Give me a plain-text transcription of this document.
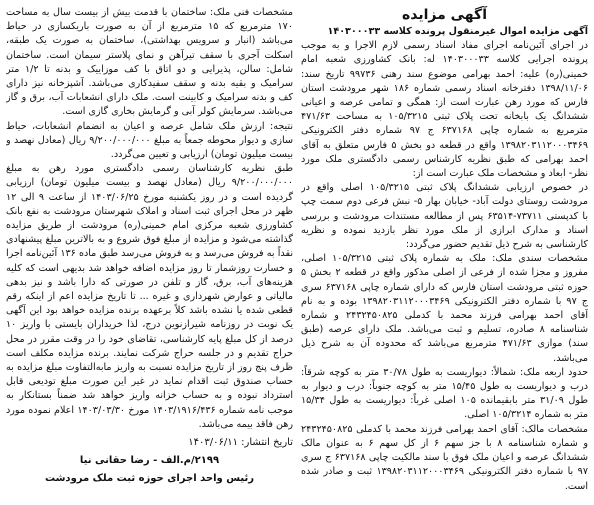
آگهی مزایده

آگهی مزایده اموال غیرمنقول پرونده کلاسه ۱۴۰۳۰۰۰۳۳

در اجرای آئین‌نامه اجرای مفاد اسناد رسمی لازم الاجرا و به موجب پرونده اجرایی کلاسه ۱۴۰۳۰۰۰۳۳ له: بانک کشاورزی شعبه امام خمینی(ره) علیه: احمد بهرامی موضوع سند رهنی ۹۹۷۳۶ تاریخ سند: ۱۳۹۸/۱۱/۰۶ دفترخانه اسناد رسمی شماره ۱۸۶ شهر مرودشت استان فارس که مورد رهن عبارت است از: همگی و تمامی عرصه و اعیانی ششدانگ یک بابخانه تحت پلاک ثبتی ۱۰۵/۳۲۱۵ به مساحت ۴۷۱/۶۳ مترمربع به شماره چاپی ۶۳۷۱۶۸ ج ۹۷ شماره دفتر الکترونیکی ۱۳۹۸۲۰۳۱۱۲۰۰۰۳۴۶۹ واقع در قطعه دو بخش ۵ فارس متعلق به آقای احمد بهرامی که طبق نظریه کارشناس رسمی دادگستری ملک مورد نظر- ابعاد و مشخصات ملک عبارت است از:

در خصوص ارزیابی ششدانگ پلاک ثبتی ۱۰۵/۳۲۱۵ اصلی واقع در مرودشت روستای دولت آباد- خیابان بهار ۵- نبش فرعی دوم سمت چپ با کدپستی ۷۳۷۱۱-۶۳۵۱۴ پس از مطالعه مستندات مرودشت و بررسی اسناد و مدارک ابرازی از ملک مورد نظر بازدید نموده و نظریه کارشناسی به شرح ذیل تقدیم حضور می‌گردد:

مشخصات سندی ملک: ملک به شماره پلاک ثبتی ۱۰۵/۳۲۱۵ اصلی، مفروز و مجزا شده از فرعی از اصلی مذکور واقع در قطعه ۲ بخش ۵ حوزه ثبتی مرودشت استان فارس که دارای شماره چاپی ۶۳۷۱۶۸ سری ج ۹۷ با شماره دفتر الکترونیکی ۱۳۹۸۲۰۳۱۱۲۰۰۰۳۴۶۹ بوده و به نام آقای احمد بهرامی فرزند محمد با کدملی ۲۴۳۲۴۵۰۸۲۵ و شماره شناسنامه ۸ صادره، تسلیم و ثبت می‌باشد. ملک دارای عرصه (طبق سند) موازی ۴۷۱/۶۳ مترمربع می‌باشد که محدوده آن به شرح ذیل می‌باشد.

حدود اربعه ملک: شمالاً: دیواریست به طول ۳۰/۷۸ متر به کوچه شرقاً: درب و دیواریست به طول ۱۵/۴۵ متر به کوچه جنوباً: درب و دیوار به طول ۳۱/۰۹ متر بابقیمانده ۱۰۵ اصلی غرباً: دیواریست به طول ۱۵/۳۴ متر به شماره ۱۰۵/۳۲۱۴ اصلی.

مشخصات مالک: آقای احمد بهرامی فرزند محمد با کدملی ۲۴۳۲۴۵۰۸۲۵ و شماره شناسنامه ۸ با جز سهم ۶ از کل سهم ۶ به عنوان مالک ششدانگ عرصه و اعیان ملک فوق با سند مالکیت چاپی ۶۳۷۱۶۸ ج سری ۹۷ با شماره دفتر الکترونیکی ۱۳۹۸۲۰۳۱۱۲۰۰۰۳۴۶۹ ثبت و صادر شده است.

مشخصات فنی ملک: ساختمان با قدمت بیش از بیست سال به مساحت ۱۷۰ مترمربع که ۱۵ مترمربع از آن به صورت باریکسازی در حیاط می‌باشد (انبار و سرویس بهداشتی)، ساختمان به صورت یک طبقه، اسکلت آجری با سقف تیرآهن و نمای پلاستر سیمان است. ساختمان شامل: سالن، پذیرایی و دو اتاق با کف موزاییک و بدنه تا ۱/۲ متر سرامیک و بقیه بدنه و سقف سفیدکاری می‌باشد. آشپزخانه نیز دارای کف و بدنه سرامیک و کابینت است. ملک دارای انشعابات آب، برق و گاز می‌باشد. سرمایش کولر آبی و گرمایش بخاری گازی است.

نتیجه: ارزش ملک شامل عرصه و اعیان به انضمام انشعابات، حیاط سازی و دیوار محوطه جمعاً به مبلغ ۹/۲۰۰/۰۰۰/۰۰۰ ریال (معادل نهصد و بیست میلیون تومان) ارزیابی و تعیین می‌گردد.

طبق نظریه کارشناسان رسمی دادگستری مورد رهن به مبلغ ۹/۲۰۰/۰۰۰/۰۰۰ ریال (معادل نهصد و بیست میلیون تومان) ارزیابی گردیده است و در روز یکشنبه مورخ ۱۴۰۳/۰۶/۲۵ از ساعت ۹ الی ۱۲ ظهر در محل اجرای ثبت اسناد و املاک شهرستان مرودشت به نفع بانک کشاورزی شعبه مرکزی امام خمینی(ره) مرودشت از طریق مزایده گذاشته می‌شود و مزایده از مبلغ فوق شروع و به بالاترین مبلغ پیشنهادی نقداً به فروش می‌رسد و به فروش می‌رسد طبق ماده ۱۳۶ آئین‌نامه اجرا و خسارت روزشمار تا روز مزایده اضافه خواهد شد بدیهی است که کلیه هزینه‌های آب، برق، گاز و تلفن در صورتی که دارا باشد و نیز بدهی مالیاتی و عوارض شهرداری و غیره ... تا تاریخ مزایده اعم از اینکه رقم قطعی شده یا نشده باشد کلاً برعهده برنده مزایده خواهد بود این آگهی یک نوبت در روزنامه شیرازنوین درج، لذا خریداران بایستی با واریز ۱۰ درصد از کل مبلغ پایه کارشناسی، تقاضای خود را در وقت مقرر در محل حراج تقدیم و در جلسه حراج شرکت نمایند. برنده مزایده مکلف است ظرف پنج روز از تاریخ مزایده نسبت به واریز مابه‌التفاوت مبلغ مزایده به حساب صندوق ثبت اقدام نماید در غیر این صورت مبلغ تودیعی قابل استرداد نبوده و به حساب خزانه واریز خواهد شد ضمناً بستانکار به موجب نامه شماره ۱۴۰۳/۱۹۱۶/۴۳۶ مورخ ۱۴۰۳/۰۳/۳۰ اعلام نموده مورد رهن فاقد بیمه می‌باشد.

تاریخ انتشار: ۱۴۰۳/۰۶/۱۱
۲۱۹۹/م.الف - رضا حقانی نیا
رئیس واحد اجرای حوزه ثبت ملک مرودشت
